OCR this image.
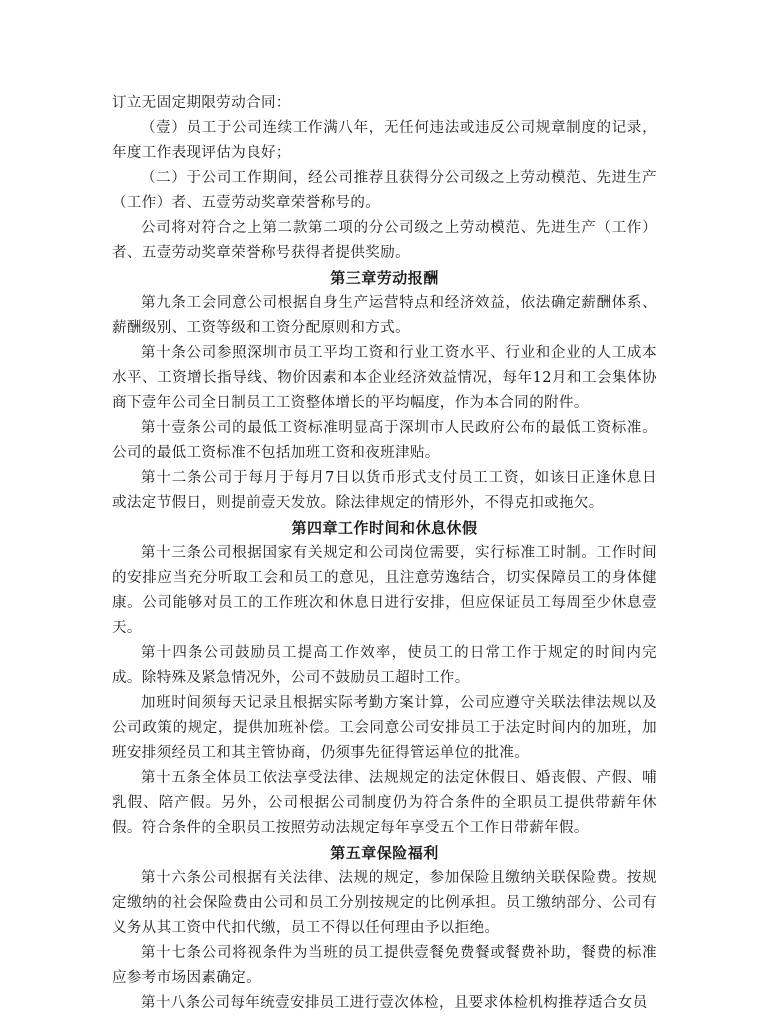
订立无固定期限劳动合同：

（壹）员工于公司连续工作满八年，无任何违法或违反公司规章制度的记录，年度工作表现评估为良好；

（二）于公司工作期间，经公司推荐且获得分公司级之上劳动模范、先进生产（工作）者、五壹劳动奖章荣誉称号的。

公司将对符合之上第二款第二项的分公司级之上劳动模范、先进生产（工作）者、五壹劳动奖章荣誉称号获得者提供奖励。

第三章劳动报酬

第九条工会同意公司根据自身生产运营特点和经济效益，依法确定薪酬体系、薪酬级别、工资等级和工资分配原则和方式。

第十条公司参照深圳市员工平均工资和行业工资水平、行业和企业的人工成本水平、工资增长指导线、物价因素和本企业经济效益情况，每年12月和工会集体协商下壹年公司全日制员工工资整体增长的平均幅度，作为本合同的附件。

第十壹条公司的最低工资标准明显高于深圳市人民政府公布的最低工资标准。公司的最低工资标准不包括加班工资和夜班津贴。

第十二条公司于每月于每月7日以货币形式支付员工工资，如该日正逢休息日或法定节假日，则提前壹天发放。除法律规定的情形外，不得克扣或拖欠。

第四章工作时间和休息休假

第十三条公司根据国家有关规定和公司岗位需要，实行标准工时制。工作时间的安排应当充分听取工会和员工的意见，且注意劳逸结合，切实保障员工的身体健康。公司能够对员工的工作班次和休息日进行安排，但应保证员工每周至少休息壹天。

第十四条公司鼓励员工提高工作效率，使员工的日常工作于规定的时间内完成。除特殊及紧急情况外，公司不鼓励员工超时工作。

加班时间须每天记录且根据实际考勤方案计算，公司应遵守关联法律法规以及公司政策的规定，提供加班补偿。工会同意公司安排员工于法定时间内的加班，加班安排须经员工和其主管协商，仍须事先征得管运单位的批准。

第十五条全体员工依法享受法律、法规规定的法定休假日、婚丧假、产假、哺乳假、陪产假。另外，公司根据公司制度仍为符合条件的全职员工提供带薪年休假。符合条件的全职员工按照劳动法规定每年享受五个工作日带薪年假。

第五章保险福利

第十六条公司根据有关法律、法规的规定，参加保险且缴纳关联保险费。按规定缴纳的社会保险费由公司和员工分别按规定的比例承担。员工缴纳部分、公司有义务从其工资中代扣代缴，员工不得以任何理由予以拒绝。

第十七条公司将视条件为当班的员工提供壹餐免费餐或餐费补助，餐费的标准应参考市场因素确定。

第十八条公司每年统壹安排员工进行壹次体检，且要求体检机构推荐适合女员
